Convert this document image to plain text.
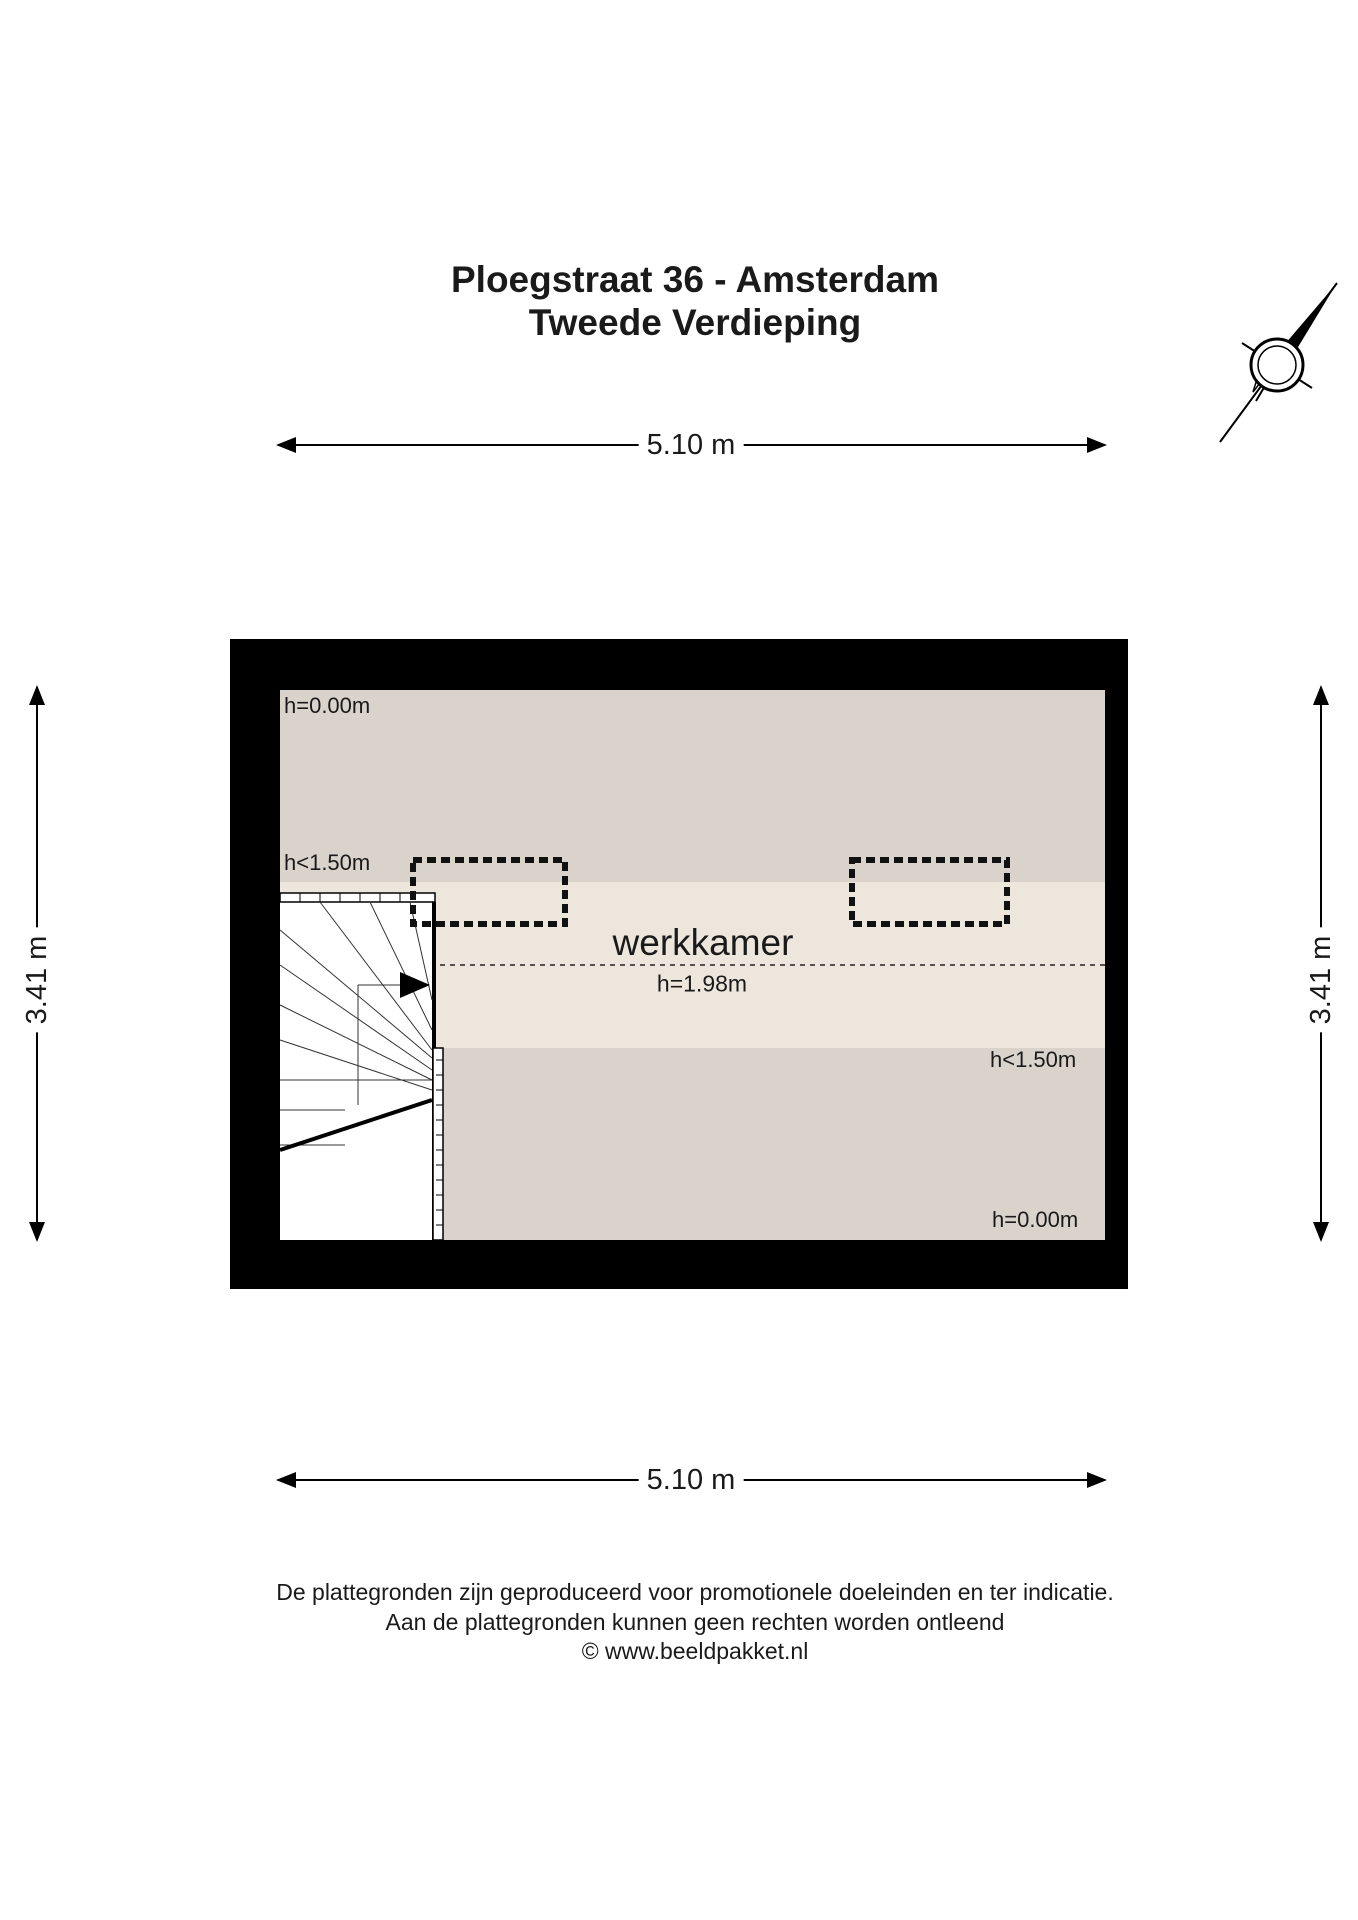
Ploegstraat 36 - Amsterdam
Tweede Verdieping
5.10 m
5.10 m
3.41 m	3.41 m
h=0.00m
h<1.50m
h<1.50m
h=0.00m
werkkamer
h=1.98m

De plattegronden zijn geproduceerd voor promotionele doeleinden en ter indicatie.

Aan de plattegronden kunnen geen rechten worden ontleend

© www.beeldpakket.nl
